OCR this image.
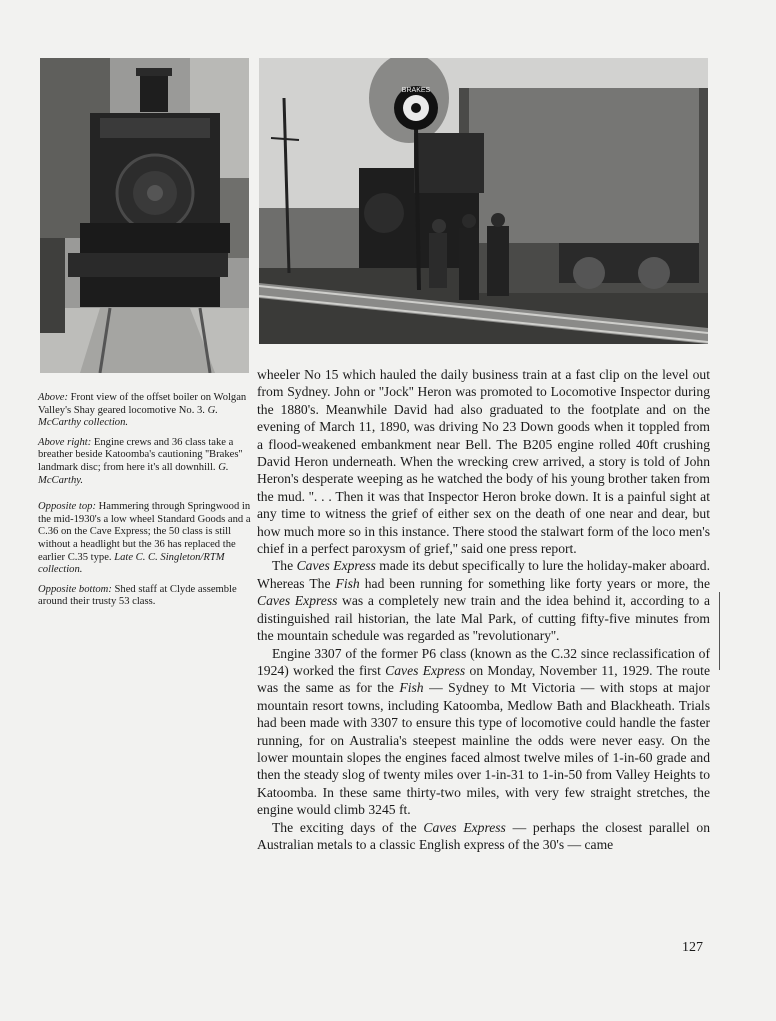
BRAKES

Above: Front view of the offset boiler on Wolgan Valley's Shay geared locomotive No. 3. G. McCarthy collection.

Above right: Engine crews and 36 class take a breather beside Katoomba's cautioning ''Brakes'' landmark disc; from here it's all downhill. G. McCarthy.

Opposite top: Hammering through Springwood in the mid-1930's a low wheel Standard Goods and a C.36 on the Cave Express; the 50 class is still without a headlight but the 36 has replaced the earlier C.35 type. Late C. C. Singleton/RTM collection.

Opposite bottom: Shed staff at Clyde assemble around their trusty 53 class.

wheeler No 15 which hauled the daily business train at a fast clip on the level out from Sydney. John or ''Jock'' Heron was promoted to Locomotive Inspector during the 1880's. Meanwhile David had also graduated to the footplate and on the evening of March 11, 1890, was driving No 23 Down goods when it toppled from a flood-weakened embankment near Bell. The B205 engine rolled 40ft crushing David Heron underneath. When the wrecking crew arrived, a story is told of John Heron's desperate weeping as he watched the body of his young brother taken from the mud. ''. . . Then it was that Inspector Heron broke down. It is a painful sight at any time to witness the grief of either sex on the death of one near and dear, but how much more so in this instance. There stood the stalwart form of the loco men's chief in a perfect paroxysm of grief,'' said one press report.

The Caves Express made its debut specifically to lure the holiday-maker aboard. Whereas The Fish had been running for something like forty years or more, the Caves Express was a completely new train and the idea behind it, according to a distinguished rail historian, the late Mal Park, of cutting fifty-five minutes from the mountain schedule was regarded as ''revolutionary''.

Engine 3307 of the former P6 class (known as the C.32 since reclassification of 1924) worked the first Caves Express on Monday, November 11, 1929. The route was the same as for the Fish — Sydney to Mt Victoria — with stops at major mountain resort towns, including Katoomba, Medlow Bath and Blackheath. Trials had been made with 3307 to ensure this type of locomotive could handle the faster running, for on Australia's steepest mainline the odds were never easy. On the lower mountain slopes the engines faced almost twelve miles of 1-in-60 grade and then the steady slog of twenty miles over 1-in-31 to 1-in-50 from Valley Heights to Katoomba. In these same thirty-two miles, with very few straight stretches, the engine would climb 3245 ft.

The exciting days of the Caves Express — perhaps the closest parallel on Australian metals to a classic English express of the 30's — came

127
